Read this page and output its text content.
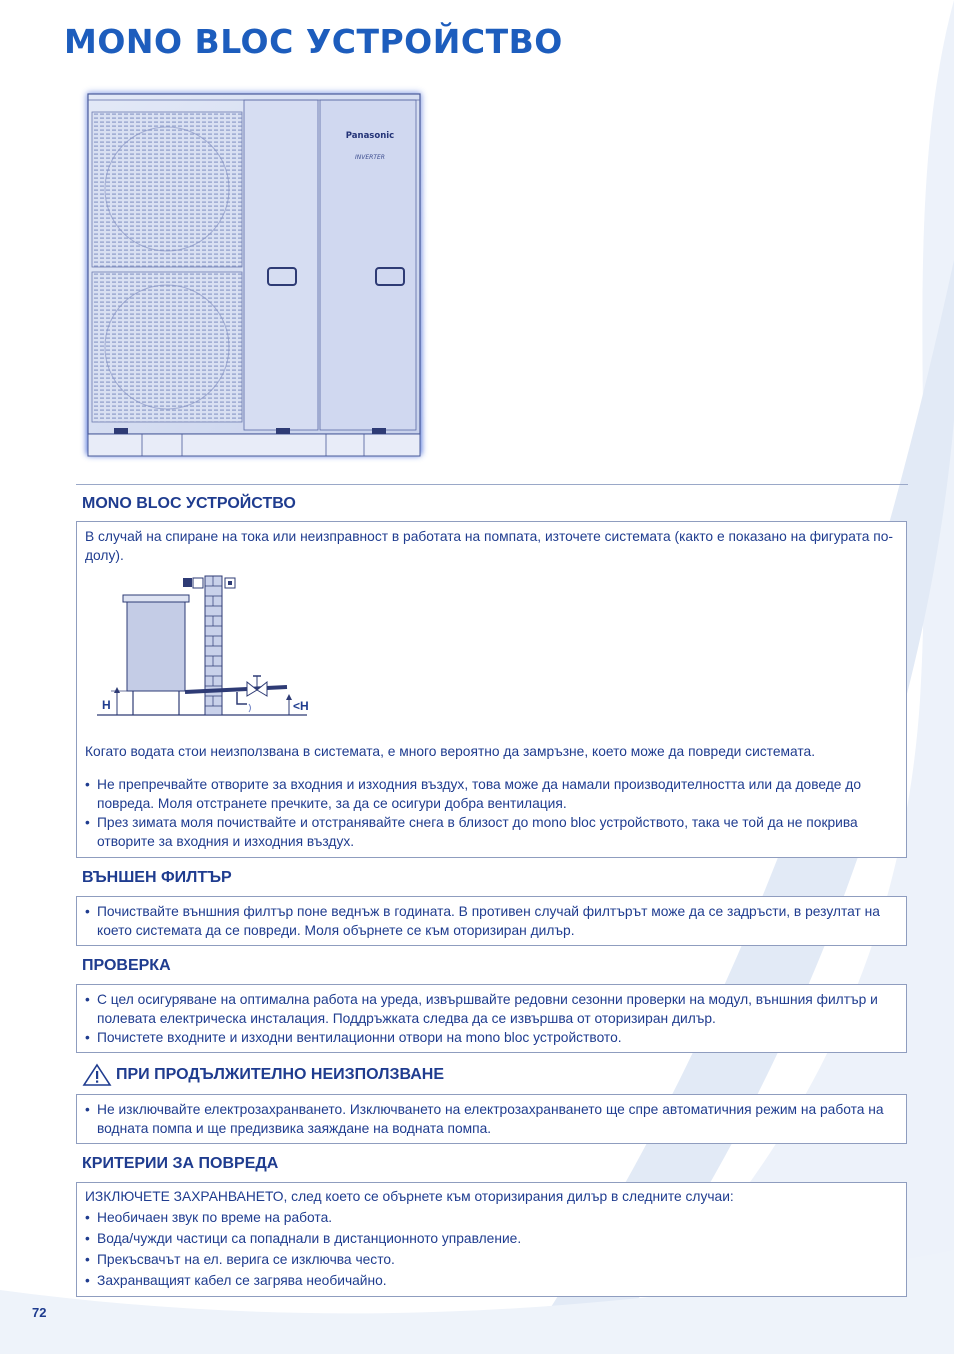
MONO BLOC УСТРОЙСТВО
Panasonic
INVERTER
MONO BLOC УСТРОЙСТВО

В случай на спиране на тока или неизправност в работата на помпата, източете системата (както е показано на фигурата по-долу).

H	<H

Когато водата стои неизползвана в системата, е много вероятно да замръзне, което може да повреди системата.

• Не препречвайте отворите за входния и изходния въздух, това може да намали производителността или да доведе до повреда. Моля отстранете пречките, за да се осигури добра вентилация.
• През зимата моля почиствайте и отстранявайте снега в близост до mono bloc устройството, така че той да не покрива отворите за входния и изходния въздух.
ВЪНШЕН ФИЛТЪР
• Почиствайте външния филтър поне веднъж в годината. В противен случай филтърът може да се задръсти, в резултат на което системата да се повреди. Моля обърнете се към оторизиран дилър.
ПРОВЕРКА
• С цел осигуряване на оптимална работа на уреда, извършвайте редовни сезонни проверки на модул, външния филтър и полевата електрическа инсталация. Поддръжката следва да се извършва от оторизиран дилър.
• Почистете входните и изходни вентилационни отвори на mono bloc устройството.
ПРИ ПРОДЪЛЖИТЕЛНО НЕИЗПОЛЗВАНЕ
• Не изключвайте електрозахранването. Изключването на електрозахранването ще спре автоматичния режим на работа на водната помпа и ще предизвика заяждане на водната помпа.
КРИТЕРИИ ЗА ПОВРЕДА

ИЗКЛЮЧЕТЕ ЗАХРАНВАНЕТО, след което се обърнете към оторизирания дилър в следните случаи:

• Необичаен звук по време на работа.
• Вода/чужди частици са попаднали в дистанционното управление.
• Прекъсвачът на ел. верига се изключва често.
• Захранващият кабел се загрява необичайно.

72
